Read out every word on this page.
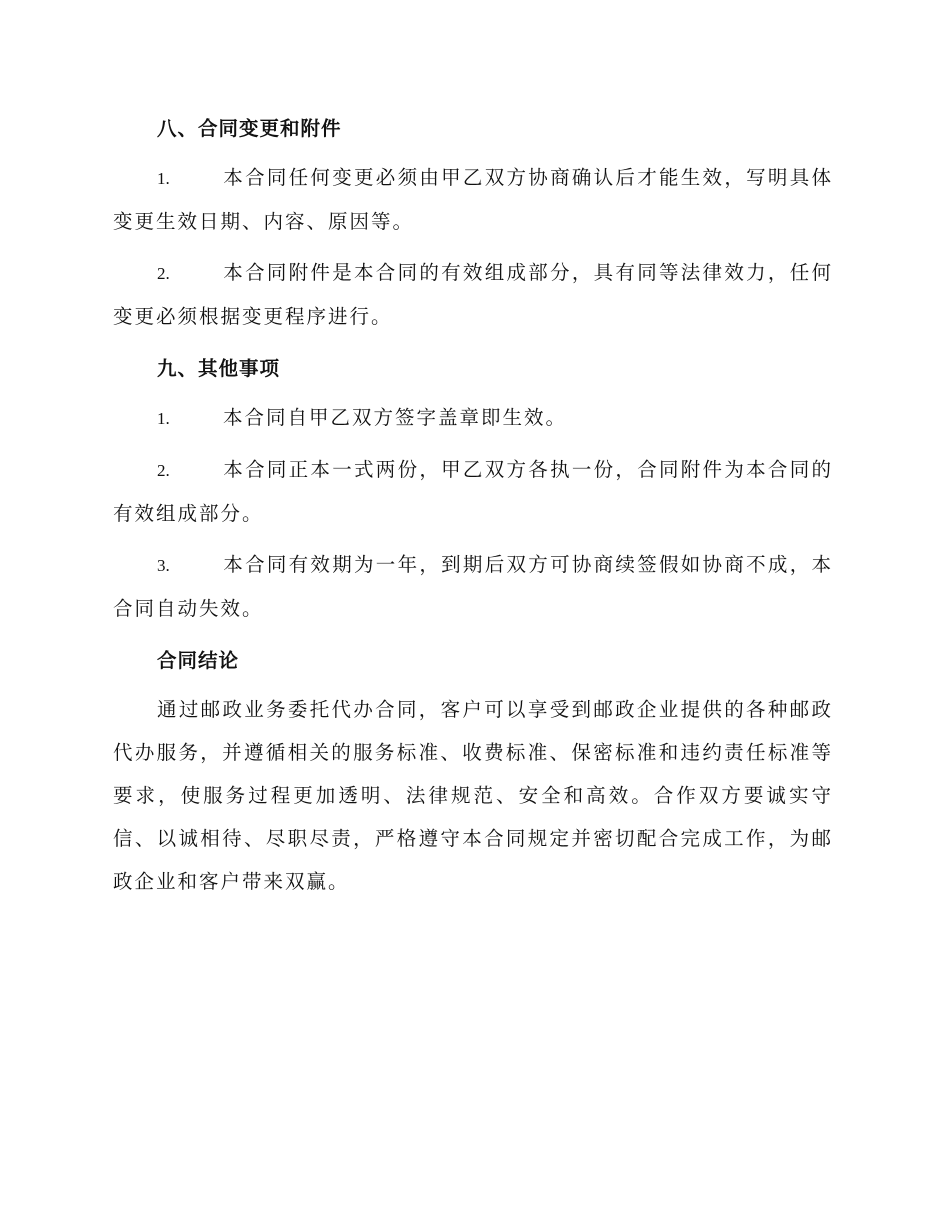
八、合同变更和附件

1.	本合同任何变更必须由甲乙双方协商确认后才能生效，写明具体变更生效日期、内容、原因等。

2.	本合同附件是本合同的有效组成部分，具有同等法律效力，任何变更必须根据变更程序进行。

九、其他事项

1.	本合同自甲乙双方签字盖章即生效。

2.	本合同正本一式两份，甲乙双方各执一份，合同附件为本合同的有效组成部分。

3.	本合同有效期为一年，到期后双方可协商续签假如协商不成，本合同自动失效。

合同结论

通过邮政业务委托代办合同，客户可以享受到邮政企业提供的各种邮政代办服务，并遵循相关的服务标准、收费标准、保密标准和违约责任标准等要求，使服务过程更加透明、法律规范、安全和高效。合作双方要诚实守信、以诚相待、尽职尽责，严格遵守本合同规定并密切配合完成工作，为邮政企业和客户带来双赢。
